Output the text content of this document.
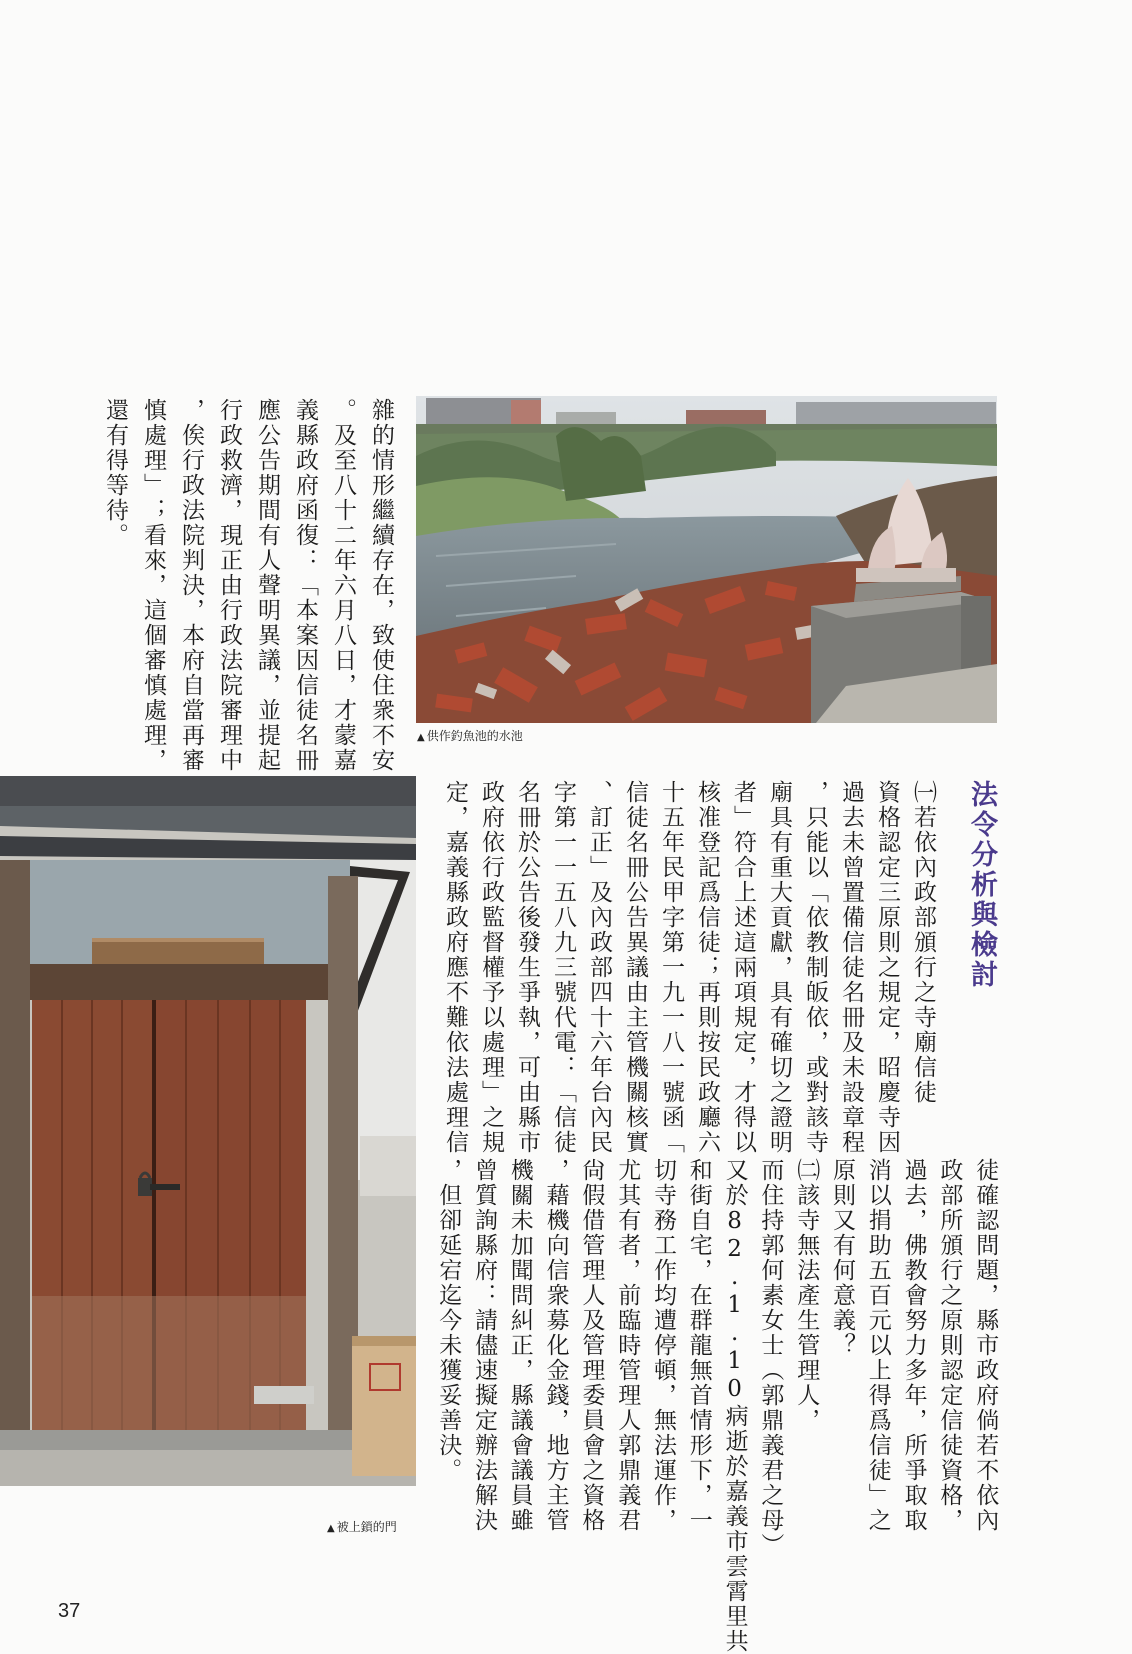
雜的情形繼續存在，致使住衆不安
。及至八十二年六月八日，才蒙嘉
義縣政府函復：「本案因信徒名冊
應公告期間有人聲明異議，並提起
行政救濟，現正由行政法院審理中
，俟行政法院判決，本府自當再審
慎處理」；看來，這個審慎處理，
還有得等待。
▲ 供作釣魚池的水池
▲ 被上鎖的門
法令分析與檢討
㈠若依內政部頒行之寺廟信徒
資格認定三原則之規定，昭慶寺因
過去未曾置備信徒名冊及未設章程
，只能以「依教制皈依，或對該寺
廟具有重大貢獻，具有確切之證明
者」符合上述這兩項規定，才得以
核准登記爲信徒；再則按民政廳六
十五年民甲字第一九一八一號函「
信徒名冊公告異議由主管機關核實
、訂正」及內政部四十六年台內民
字第一一五八九三號代電：「信徒
名冊於公告後發生爭執，可由縣市
政府依行政監督權予以處理」之規
定，嘉義縣政府應不難依法處理信
徒確認問題，縣市政府倘若不依內
政部所頒行之原則認定信徒資格，
過去，佛教會努力多年，所爭取取
消以捐助五百元以上得爲信徒」之
原則又有何意義？
㈡該寺無法產生管理人，
而住持郭何素女士（郭鼎義君之母）
又於82.1.10病逝於嘉義市雲霄里共
和街自宅，在群龍無首情形下，一
切寺務工作均遭停頓，無法運作，
尤其有者，前臨時管理人郭鼎義君
尙假借管理人及管理委員會之資格
，藉機向信衆募化金錢，地方主管
機關未加聞問糾正，縣議會議員雖
曾質詢縣府：請儘速擬定辦法解決
，但卻延宕迄今未獲妥善決。
37
